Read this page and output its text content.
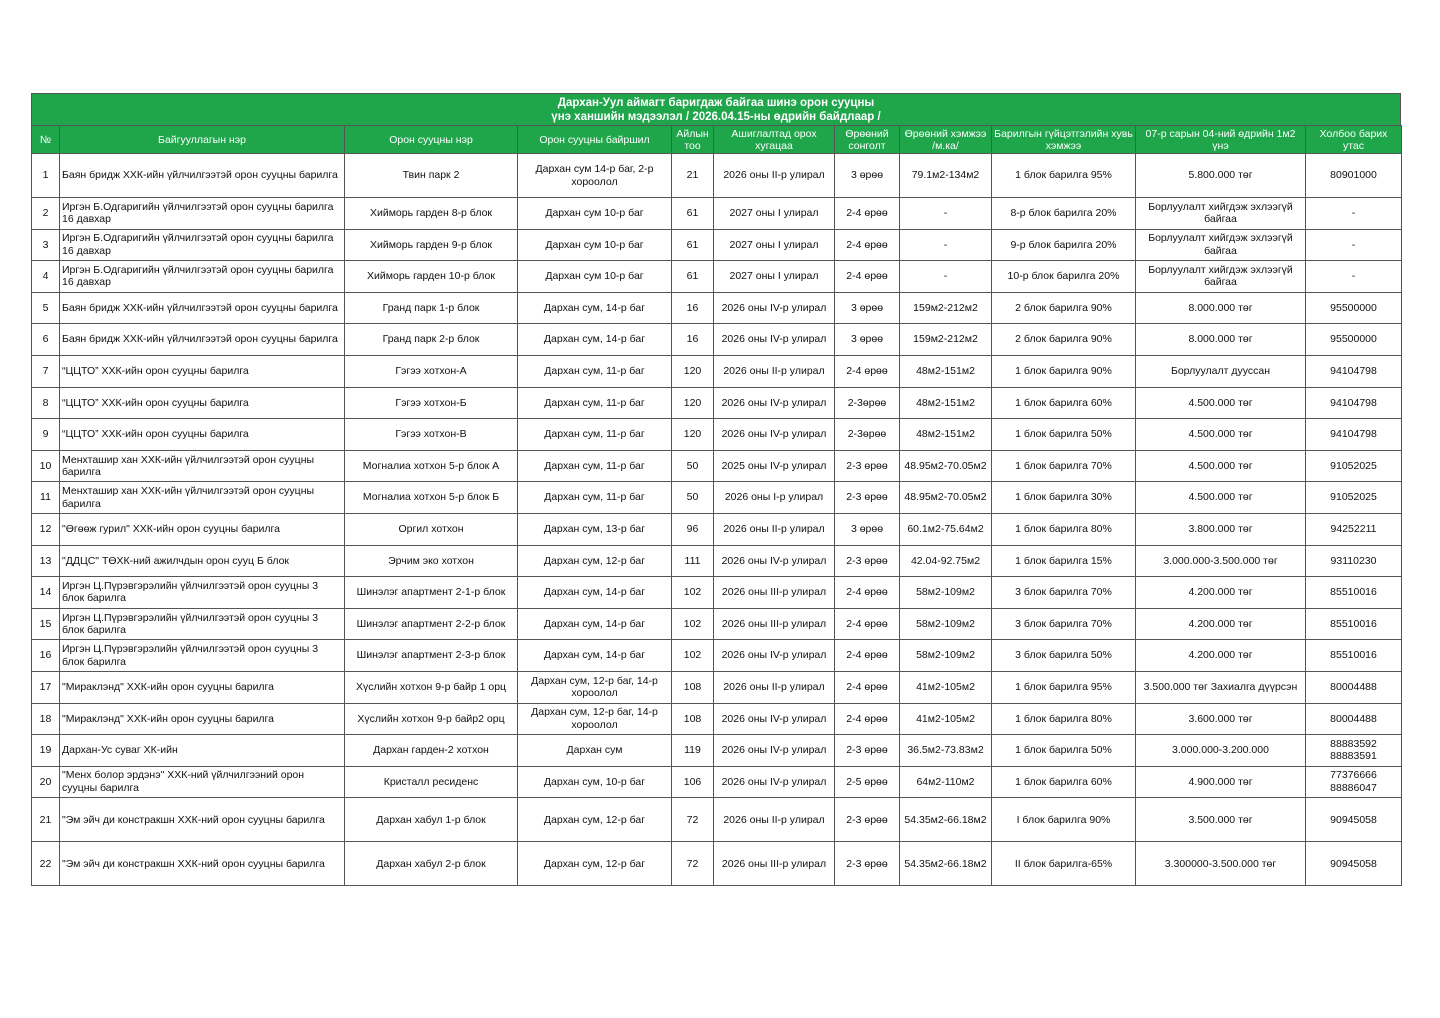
Дархан-Уул аймагт баригдаж байгаа шинэ орон сууцны
үнэ ханшийн мэдээлэл / 2026.04.15-ны өдрийн байдлаар /
№	Байгууллагын нэр	Орон сууцны нэр	Орон сууцны байршил	Айлын тоо	Ашиглалтад орох хугацаа	Өрөөний сонголт	Өрөөний хэмжээ /м.ка/	Барилгын гүйцэтгэлийн хувь хэмжээ	07-р сарын 04-ний өдрийн 1м2 үнэ	Холбоо барих утас
1	Баян бридж ХХК-ийн үйлчилгээтэй орон сууцны барилга	Твин парк 2	Дархан сум 14-р баг, 2-р хороолол	21	2026 оны II-р улирал	3 өрөө	79.1м2-134м2	1 блок барилга 95%	5.800.000 төг	80901000
2	Иргэн Б.Одгаригийн үйлчилгээтэй орон сууцны барилга 16 давхар	Хийморь гарден 8-р блок	Дархан сум 10-р баг	61	2027 оны I улирал	2-4 өрөө	-	8-р блок барилга 20%	Борлуулалт хийгдэж эхлээгүй байгаа	-
3	Иргэн Б.Одгаригийн үйлчилгээтэй орон сууцны барилга 16 давхар	Хийморь гарден 9-р блок	Дархан сум 10-р баг	61	2027 оны I улирал	2-4 өрөө	-	9-р блок барилга 20%	Борлуулалт хийгдэж эхлээгүй байгаа	-
4	Иргэн Б.Одгаригийн үйлчилгээтэй орон сууцны барилга 16 давхар	Хийморь гарден 10-р блок	Дархан сум 10-р баг	61	2027 оны I улирал	2-4 өрөө	-	10-р блок барилга 20%	Борлуулалт хийгдэж эхлээгүй байгаа	-
5	Баян бридж ХХК-ийн үйлчилгээтэй орон сууцны барилга	Гранд парк 1-р блок	Дархан сум, 14-р баг	16	2026 оны IV-р улирал	3 өрөө	159м2-212м2	2 блок барилга 90%	8.000.000 төг	95500000
6	Баян бридж ХХК-ийн үйлчилгээтэй орон сууцны барилга	Гранд парк 2-р блок	Дархан сум, 14-р баг	16	2026 оны IV-р улирал	3 өрөө	159м2-212м2	2 блок барилга 90%	8.000.000 төг	95500000
7	“ЦЦТО” ХХК-ийн орон сууцны барилга	Гэгээ хотхон-А	Дархан сум, 11-р баг	120	2026 оны II-р улирал	2-4 өрөө	48м2-151м2	1 блок барилга 90%	Борлуулалт дууссан	94104798
8	“ЦЦТО” ХХК-ийн орон сууцны барилга	Гэгээ хотхон-Б	Дархан сум, 11-р баг	120	2026 оны IV-р улирал	2-3өрөө	48м2-151м2	1 блок барилга 60%	4.500.000 төг	94104798
9	“ЦЦТО” ХХК-ийн орон сууцны барилга	Гэгээ хотхон-В	Дархан сум, 11-р баг	120	2026 оны IV-р улирал	2-3өрөө	48м2-151м2	1 блок барилга 50%	4.500.000 төг	94104798
10	Менхташир хан ХХК-ийн үйлчилгээтэй орон сууцны барилга	Могналиа хотхон 5-р блок А	Дархан сум, 11-р баг	50	2025 оны IV-р улирал	2-3 өрөө	48.95м2-70.05м2	1 блок барилга 70%	4.500.000 төг	91052025
11	Менхташир хан ХХК-ийн үйлчилгээтэй орон сууцны барилга	Могналиа хотхон 5-р блок Б	Дархан сум, 11-р баг	50	2026 оны I-р улирал	2-3 өрөө	48.95м2-70.05м2	1 блок барилга 30%	4.500.000 төг	91052025
12	"Өгөөж гурил" ХХК-ийн орон сууцны барилга	Оргил хотхон	Дархан сум, 13-р баг	96	2026 оны II-р улирал	3 өрөө	60.1м2-75.64м2	1 блок барилга 80%	3.800.000 төг	94252211
13	"ДДЦС" ТӨХК-ний ажилчдын орон сууц Б блок	Эрчим эко хотхон	Дархан сум, 12-р баг	111	2026 оны IV-р улирал	2-3 өрөө	42.04-92.75м2	1 блок барилга 15%	3.000.000-3.500.000 төг	93110230
14	Иргэн Ц.Пүрэвгэрэлийн үйлчилгээтэй орон сууцны 3 блок барилга	Шинэлэг апартмент 2-1-р блок	Дархан сум, 14-р баг	102	2026 оны III-р улирал	2-4 өрөө	58м2-109м2	3 блок барилга 70%	4.200.000 төг	85510016
15	Иргэн Ц.Пүрэвгэрэлийн үйлчилгээтэй орон сууцны 3 блок барилга	Шинэлэг апартмент 2-2-р блок	Дархан сум, 14-р баг	102	2026 оны III-р улирал	2-4 өрөө	58м2-109м2	3 блок барилга 70%	4.200.000 төг	85510016
16	Иргэн Ц.Пүрэвгэрэлийн үйлчилгээтэй орон сууцны 3 блок барилга	Шинэлэг апартмент 2-3-р блок	Дархан сум, 14-р баг	102	2026 оны IV-р улирал	2-4 өрөө	58м2-109м2	3 блок барилга 50%	4.200.000 төг	85510016
17	"Мираклэнд" ХХК-ийн орон сууцны барилга	Хүслийн хотхон 9-р байр 1 орц	Дархан сум, 12-р баг, 14-р хороолол	108	2026 оны II-р улирал	2-4 өрөө	41м2-105м2	1 блок барилга 95%	3.500.000 төг Захиалга дүүрсэн	80004488
18	"Мираклэнд" ХХК-ийн орон сууцны барилга	Хүслийн хотхон 9-р байр2 орц	Дархан сум, 12-р баг, 14-р хороолол	108	2026 оны IV-р улирал	2-4 өрөө	41м2-105м2	1 блок барилга 80%	3.600.000 төг	80004488
19	Дархан-Ус суваг ХК-ийн	Дархан гарден-2 хотхон	Дархан сум	119	2026 оны IV-р улирал	2-3 өрөө	36.5м2-73.83м2	1 блок барилга 50%	3.000.000-3.200.000	88883592 88883591
20	"Менх болор эрдэнэ" ХХК-ний үйлчилгээний орон сууцны барилга	Кристалл ресиденс	Дархан сум, 10-р баг	106	2026 оны IV-р улирал	2-5 өрөө	64м2-110м2	1 блок барилга 60%	4.900.000 төг	77376666 88886047
21	"Эм эйч ди констракшн ХХК-ний орон сууцны барилга	Дархан хабул 1-р блок	Дархан сум, 12-р баг	72	2026 оны II-р улирал	2-3 өрөө	54.35м2-66.18м2	I блок барилга 90%	3.500.000 төг	90945058
22	"Эм эйч ди констракшн ХХК-ний орон сууцны барилга	Дархан хабул 2-р блок	Дархан сум, 12-р баг	72	2026 оны III-р улирал	2-3 өрөө	54.35м2-66.18м2	II блок барилга-65%	3.300000-3.500.000 төг	90945058
